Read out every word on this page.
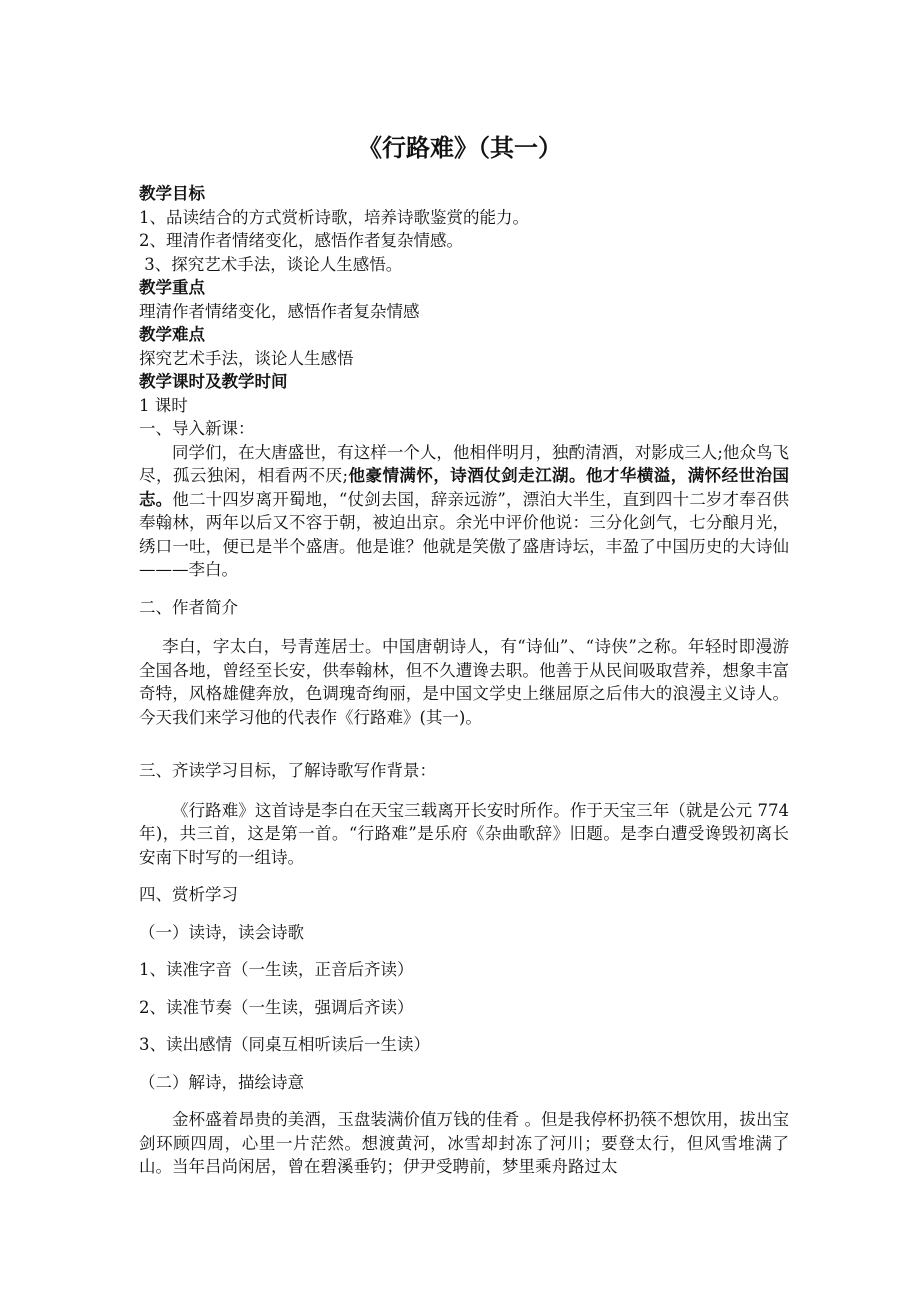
《行路难》（其一）

教学目标

1、品读结合的方式赏析诗歌，培养诗歌鉴赏的能力。

2、理清作者情绪变化，感悟作者复杂情感。

3、探究艺术手法，谈论人生感悟。

教学重点

理清作者情绪变化，感悟作者复杂情感

教学难点

探究艺术手法，谈论人生感悟

教学课时及教学时间

1 课时

一、导入新课：

同学们，在大唐盛世，有这样一个人，他相伴明月，独酌清酒，对影成三人;他众鸟飞尽，孤云独闲，相看两不厌;他豪情满怀，诗酒仗剑走江湖。他才华横溢，满怀经世治国志。他二十四岁离开蜀地，“仗剑去国，辞亲远游”，漂泊大半生，直到四十二岁才奉召供奉翰林，两年以后又不容于朝，被迫出京。余光中评价他说：三分化剑气，七分酿月光，绣口一吐，便已是半个盛唐。他是谁？他就是笑傲了盛唐诗坛，丰盈了中国历史的大诗仙———李白。

二、作者简介

李白，字太白，号青莲居士。中国唐朝诗人，有“诗仙”、“诗侠”之称。年轻时即漫游全国各地，曾经至长安，供奉翰林，但不久遭谗去职。他善于从民间吸取营养，想象丰富奇特，风格雄健奔放，色调瑰奇绚丽，是中国文学史上继屈原之后伟大的浪漫主义诗人。今天我们来学习他的代表作《行路难》(其一)。

三、齐读学习目标，了解诗歌写作背景：

《行路难》这首诗是李白在天宝三载离开长安时所作。作于天宝三年（就是公元 774 年)，共三首，这是第一首。“行路难”是乐府《杂曲歌辞》旧题。是李白遭受谗毁初离长安南下时写的一组诗。

四、赏析学习

（一）读诗，读会诗歌

1、读准字音（一生读，正音后齐读）

2、读准节奏（一生读，强调后齐读）

3、读出感情（同桌互相听读后一生读）

（二）解诗，描绘诗意

金杯盛着昂贵的美酒，玉盘装满价值万钱的佳肴 。但是我停杯扔筷不想饮用，拔出宝剑环顾四周，心里一片茫然。想渡黄河，冰雪却封冻了河川；要登太行，但风雪堆满了山。当年吕尚闲居，曾在碧溪垂钓；伊尹受聘前，梦里乘舟路过太
